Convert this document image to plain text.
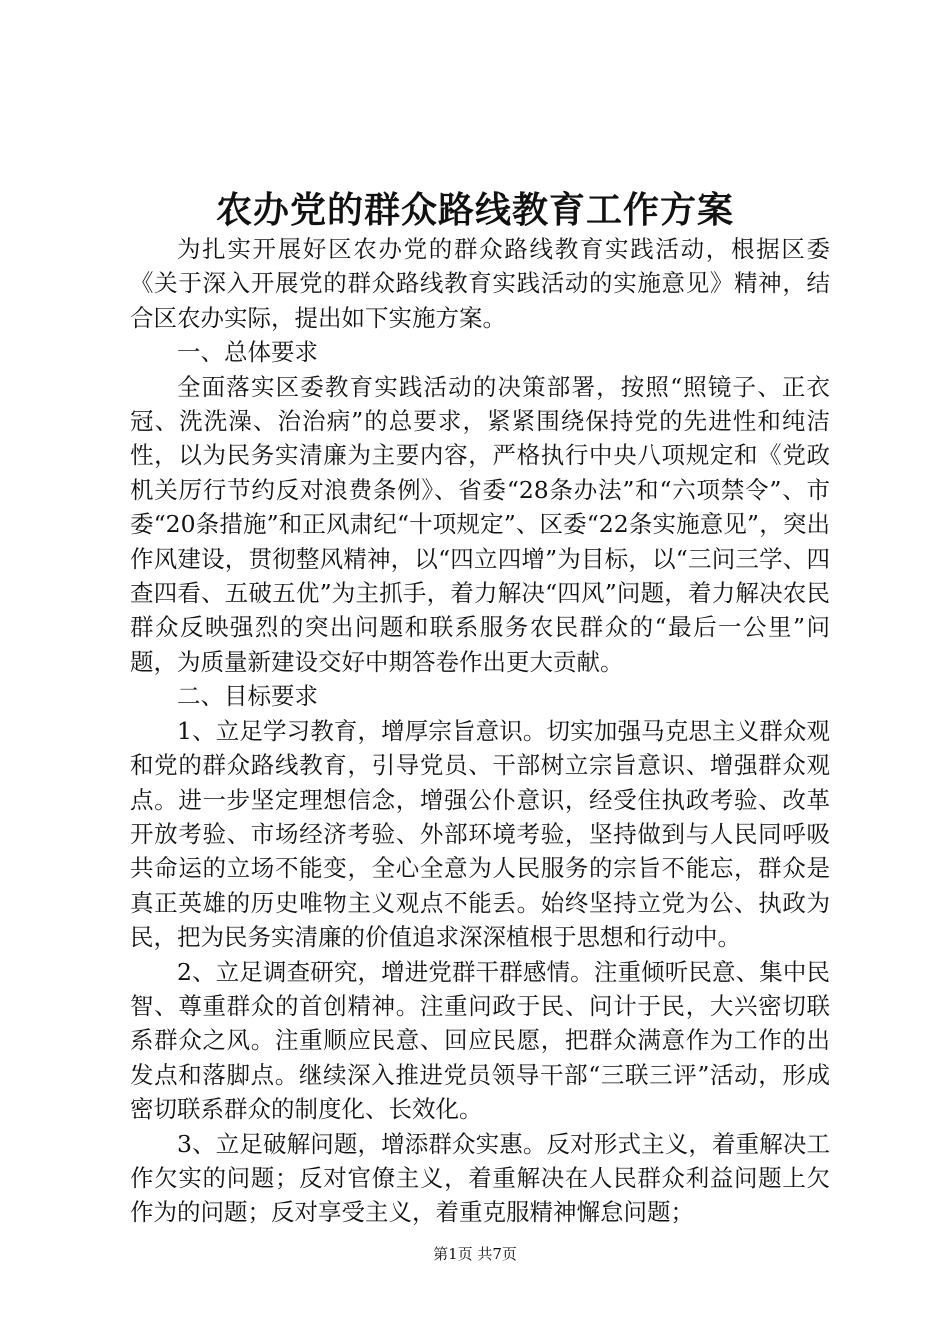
农办党的群众路线教育工作方案

为扎实开展好区农办党的群众路线教育实践活动，根据区委《关于深入开展党的群众路线教育实践活动的实施意见》精神，结合区农办实际，提出如下实施方案。

一、总体要求

全面落实区委教育实践活动的决策部署，按照“照镜子、正衣冠、洗洗澡、治治病”的总要求，紧紧围绕保持党的先进性和纯洁性，以为民务实清廉为主要内容，严格执行中央八项规定和《党政机关厉行节约反对浪费条例》、省委“28条办法”和“六项禁令”、市委“20条措施”和正风肃纪“十项规定”、区委“22条实施意见”，突出作风建设，贯彻整风精神，以“四立四增”为目标，以“三问三学、四查四看、五破五优”为主抓手，着力解决“四风”问题，着力解决农民群众反映强烈的突出问题和联系服务农民群众的“最后一公里”问题，为质量新建设交好中期答卷作出更大贡献。

二、目标要求

1、立足学习教育，增厚宗旨意识。切实加强马克思主义群众观和党的群众路线教育，引导党员、干部树立宗旨意识、增强群众观点。进一步坚定理想信念，增强公仆意识，经受住执政考验、改革开放考验、市场经济考验、外部环境考验，坚持做到与人民同呼吸共命运的立场不能变，全心全意为人民服务的宗旨不能忘，群众是真正英雄的历史唯物主义观点不能丢。始终坚持立党为公、执政为民，把为民务实清廉的价值追求深深植根于思想和行动中。

2、立足调查研究，增进党群干群感情。注重倾听民意、集中民智、尊重群众的首创精神。注重问政于民、问计于民，大兴密切联系群众之风。注重顺应民意、回应民愿，把群众满意作为工作的出发点和落脚点。继续深入推进党员领导干部“三联三评”活动，形成密切联系群众的制度化、长效化。

3、立足破解问题，增添群众实惠。反对形式主义，着重解决工作欠实的问题；反对官僚主义，着重解决在人民群众利益问题上欠作为的问题；反对享受主义，着重克服精神懈怠问题；

第1页 共7页
